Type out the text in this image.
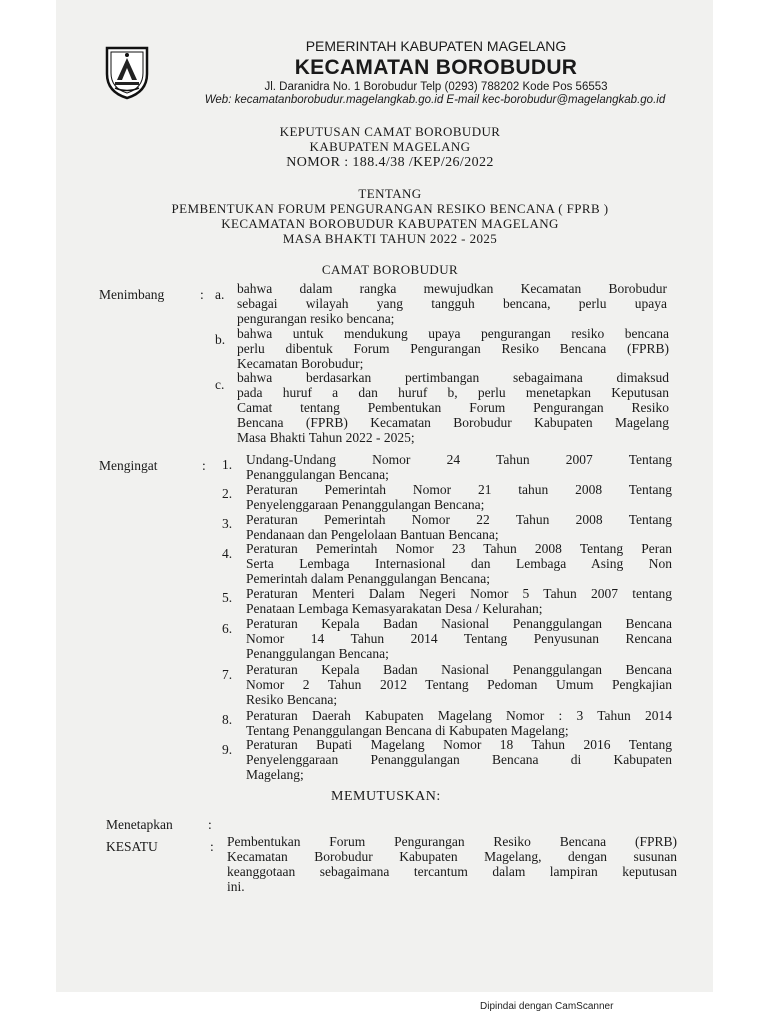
PEMERINTAH KABUPATEN MAGELANG
KECAMATAN BOROBUDUR
Jl. Daranidra No. 1 Borobudur Telp (0293) 788202 Kode Pos 56553
Web: kecamatanborobudur.magelangkab.go.id E-mail kec-borobudur@magelangkab.go.id
KEPUTUSAN CAMAT BOROBUDUR
KABUPATEN MAGELANG
NOMOR : 188.4/38 /KEP/26/2022
TENTANG
PEMBENTUKAN FORUM PENGURANGAN RESIKO BENCANA ( FPRB )
KECAMATAN BOROBUDUR KABUPATEN MAGELANG
MASA BHAKTI TAHUN 2022 - 2025
CAMAT BOROBUDUR
Menimbang	: a. bahwa dalam rangka mewujudkan Kecamatan Borobudur
sebagai wilayah yang tangguh bencana, perlu upaya
pengurangan resiko bencana;
b. bahwa untuk mendukung upaya pengurangan resiko bencana
perlu dibentuk Forum Pengurangan Resiko Bencana (FPRB)
Kecamatan Borobudur;
c. bahwa berdasarkan pertimbangan sebagaimana dimaksud
pada huruf a dan huruf b, perlu menetapkan Keputusan
Camat tentang Pembentukan Forum Pengurangan Resiko
Bencana (FPRB) Kecamatan Borobudur Kabupaten Magelang
Masa Bhakti Tahun 2022 - 2025;
Mengingat	: 1. Undang-Undang Nomor 24 Tahun 2007 Tentang
Penanggulangan Bencana;
2. Peraturan Pemerintah Nomor 21 tahun 2008 Tentang
Penyelenggaraan Penanggulangan Bencana;
3. Peraturan Pemerintah Nomor 22 Tahun 2008 Tentang
Pendanaan dan Pengelolaan Bantuan Bencana;
4. Peraturan Pemerintah Nomor 23 Tahun 2008 Tentang Peran
Serta Lembaga Internasional dan Lembaga Asing Non
Pemerintah dalam Penanggulangan Bencana;
5. Peraturan Menteri Dalam Negeri Nomor 5 Tahun 2007 tentang
Penataan Lembaga Kemasyarakatan Desa / Kelurahan;
6. Peraturan Kepala Badan Nasional Penanggulangan Bencana
Nomor 14 Tahun 2014 Tentang Penyusunan Rencana
Penanggulangan Bencana;
7. Peraturan Kepala Badan Nasional Penanggulangan Bencana
Nomor 2 Tahun 2012 Tentang Pedoman Umum Pengkajian
Resiko Bencana;
8. Peraturan Daerah Kabupaten Magelang Nomor : 3 Tahun 2014
Tentang Penanggulangan Bencana di Kabupaten Magelang;
9. Peraturan Bupati Magelang Nomor 18 Tahun 2016 Tentang
Penyelenggaraan Penanggulangan Bencana di Kabupaten
Magelang;
MEMUTUSKAN:
Menetapkan	:
KESATU	: Pembentukan Forum Pengurangan Resiko Bencana (FPRB)
Kecamatan Borobudur Kabupaten Magelang, dengan susunan
keanggotaan sebagaimana tercantum dalam lampiran keputusan
ini.
Dipindai dengan CamScanner
